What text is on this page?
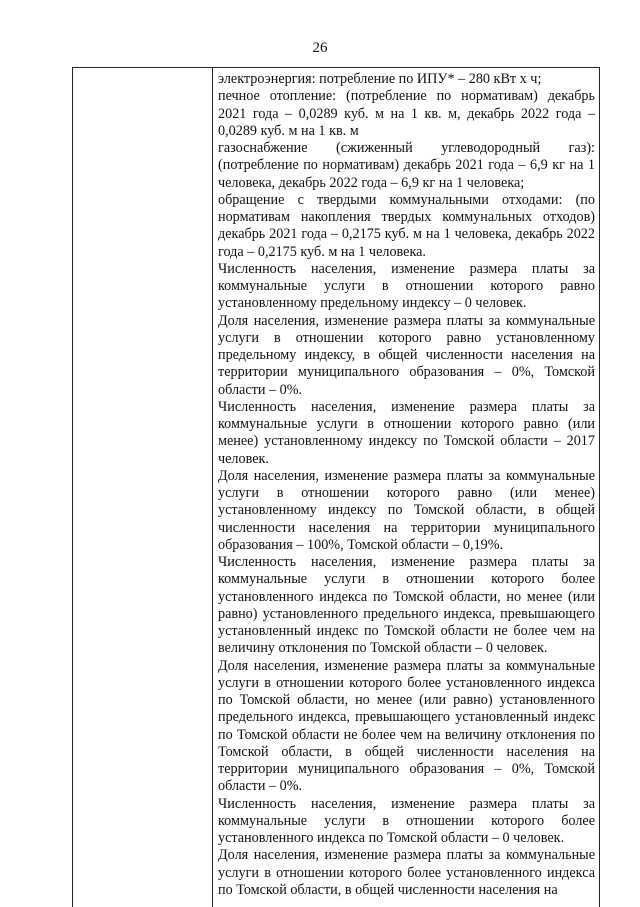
26

электроэнергия: потребление по ИПУ* – 280 кВт х ч;

печное отопление: (потребление по нормативам) декабрь 2021 года – 0,0289 куб. м на 1 кв. м, декабрь 2022 года – 0,0289 куб. м на 1 кв. м

газоснабжение (сжиженный углеводородный газ): (потребление по нормативам) декабрь 2021 года – 6,9 кг на 1 человека, декабрь 2022 года – 6,9 кг на 1 человека;

обращение с твердыми коммунальными отходами: (по нормативам накопления твердых коммунальных отходов) декабрь 2021 года – 0,2175 куб. м на 1 человека, декабрь 2022 года – 0,2175 куб. м на 1 человека.

Численность населения, изменение размера платы за коммунальные услуги в отношении которого равно установленному предельному индексу – 0 человек.

Доля населения, изменение размера платы за коммунальные услуги в отношении которого равно установленному предельному индексу, в общей численности населения на территории муниципального образования – 0%, Томской области – 0%.

Численность населения, изменение размера платы за коммунальные услуги в отношении которого равно (или менее) установленному индексу по Томской области – 2017 человек.

Доля населения, изменение размера платы за коммунальные услуги в отношении которого равно (или менее) установленному индексу по Томской области, в общей численности населения на территории муниципального образования – 100%, Томской области – 0,19%.

Численность населения, изменение размера платы за коммунальные услуги в отношении которого более установленного индекса по Томской области, но менее (или равно) установленного предельного индекса, превышающего установленный индекс по Томской области не более чем на величину отклонения по Томской области – 0 человек.

Доля населения, изменение размера платы за коммунальные услуги в отношении которого более установленного индекса по Томской области, но менее (или равно) установленного предельного индекса, превышающего установленный индекс по Томской области не более чем на величину отклонения по Томской области, в общей численности населения на территории муниципального образования – 0%, Томской области – 0%.

Численность населения, изменение размера платы за коммунальные услуги в отношении которого более установленного индекса по Томской области – 0 человек.

Доля населения, изменение размера платы за коммунальные услуги в отношении которого более установленного индекса по Томской области, в общей численности населения на
